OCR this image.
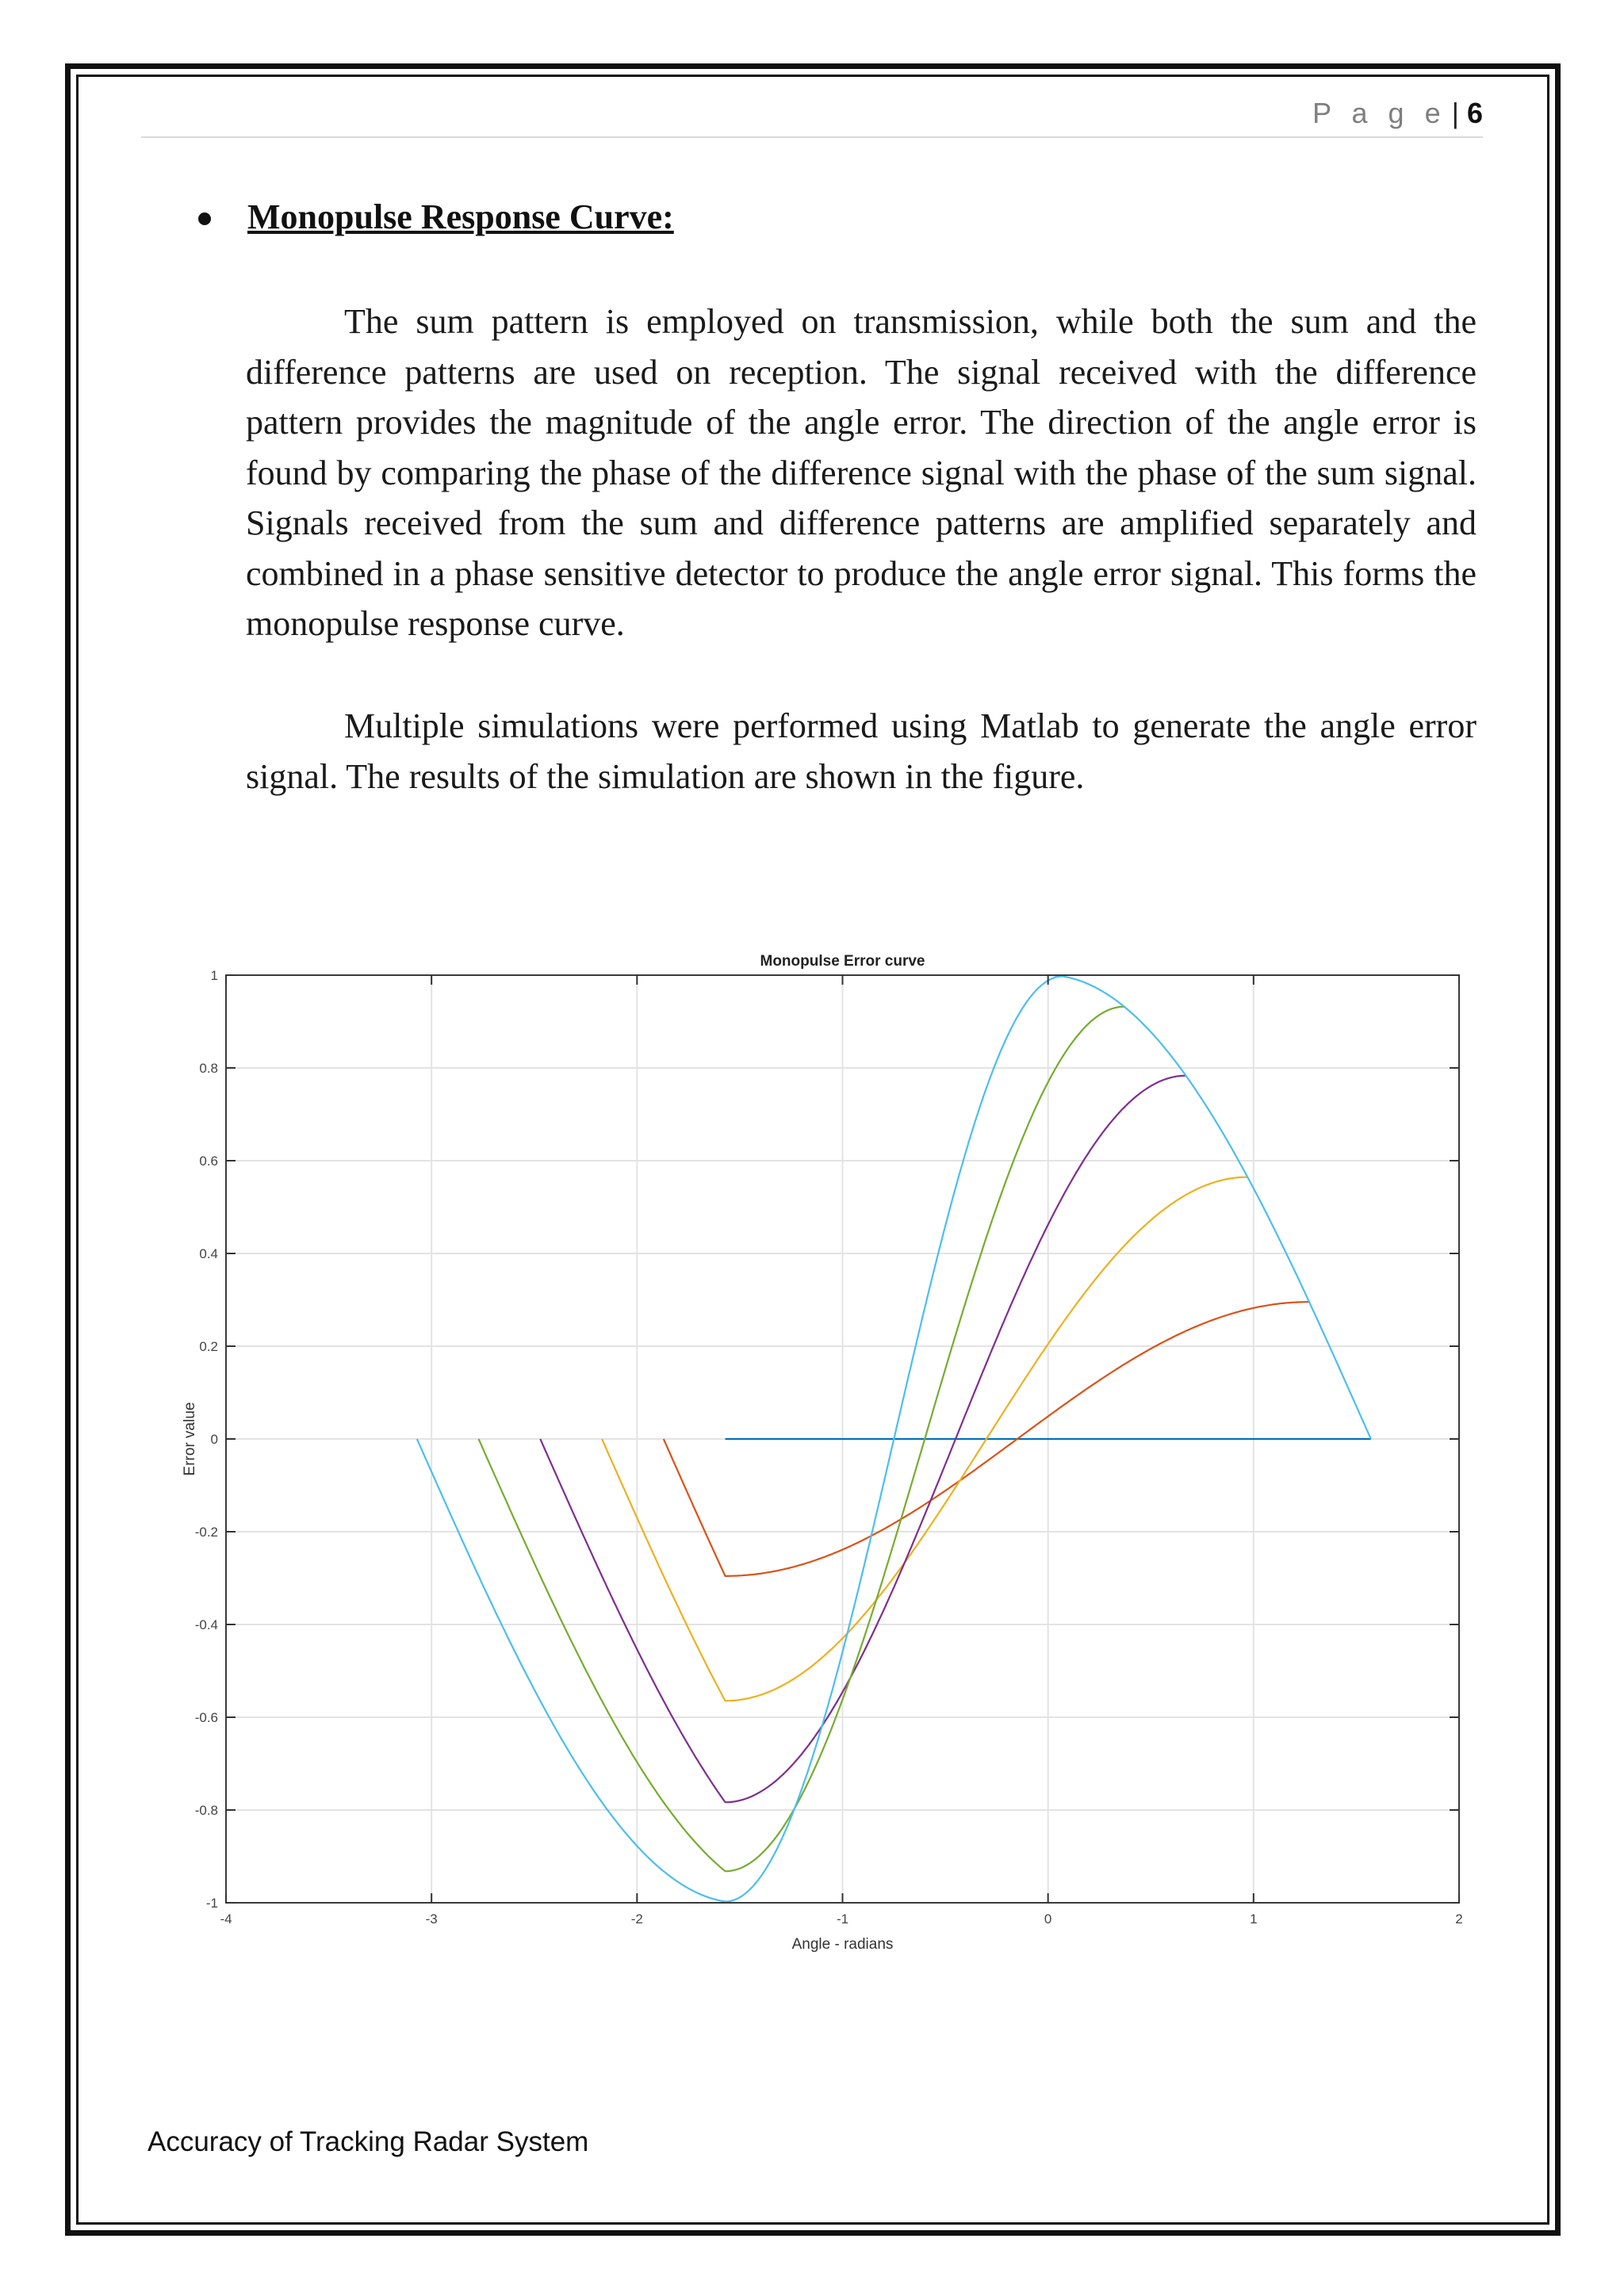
P a g e | 6
Monopulse Response Curve:

The sum pattern is employed on transmission, while both the sum and the difference patterns are used on reception. The signal received with the difference pattern provides the magnitude of the angle error. The direction of the angle error is found by comparing the phase of the difference signal with the phase of the sum signal. Signals received from the sum and difference patterns are amplified separately and combined in a phase sensitive detector to produce the angle error signal. This forms the monopulse response curve.

Multiple simulations were performed using Matlab to generate the angle error signal. The results of the simulation are shown in the figure.

-4	-3	-2	-1	0	1	2
-1
-0.8
-0.6
-0.4
-0.2
0
0.2
0.4
0.6
0.8
1
Monopulse Error curve
Angle - radians
Error value
Accuracy of Tracking Radar System
